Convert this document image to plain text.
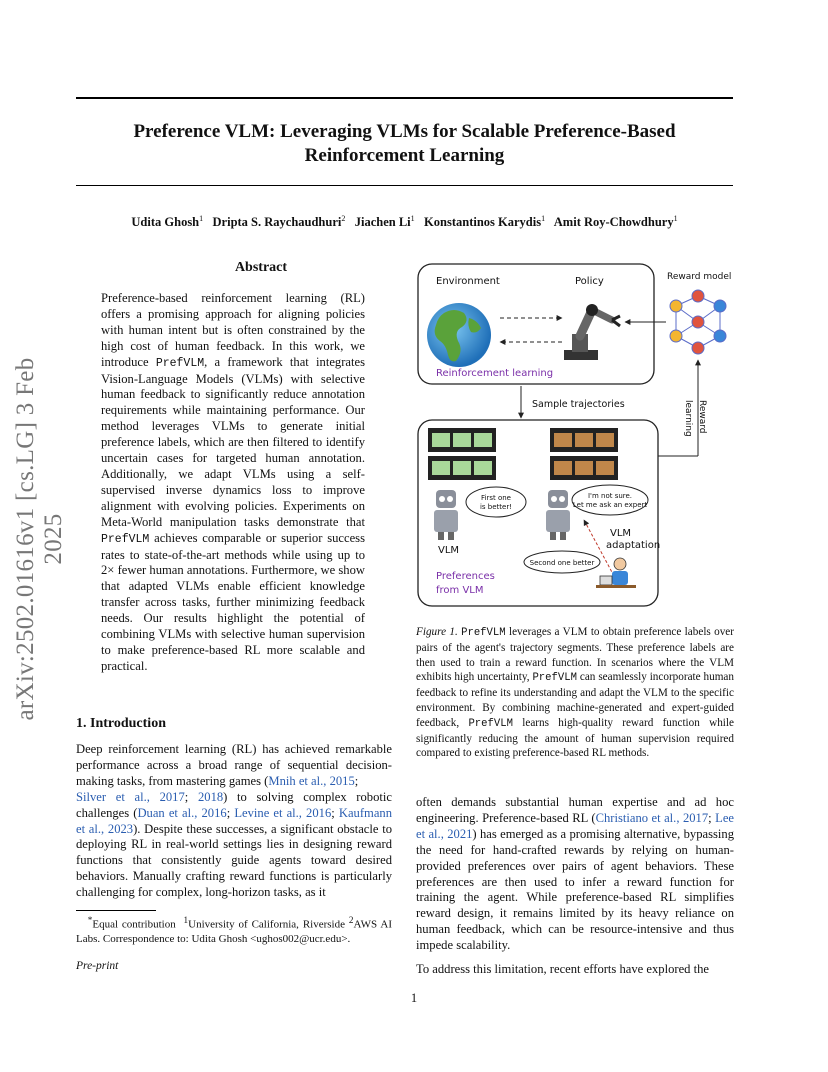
Preference VLM: Leveraging VLMs for Scalable Preference-Based Reinforcement Learning
Udita Ghosh$^1$ Dripta S. Raychaudhuri$^2$ Jiachen Li$^1$ Konstantinos Karydis$^1$ Amit Roy-Chowdhury$^1$
arXiv:2502.01616v1 [cs.LG] 3 Feb 2025
Abstract
Preference-based reinforcement learning (RL) offers a promising approach for aligning policies with human intent but is often constrained by the high cost of human feedback. In this work, we introduce PrefVLM, a framework that integrates Vision-Language Models (VLMs) with selective human feedback to significantly reduce annotation requirements while maintaining performance. Our method leverages VLMs to generate initial preference labels, which are then filtered to identify uncertain cases for targeted human annotation. Additionally, we adapt VLMs using a self-supervised inverse dynamics loss to improve alignment with evolving policies. Experiments on Meta-World manipulation tasks demonstrate that PrefVLM achieves comparable or superior success rates to state-of-the-art methods while using up to 2× fewer human annotations. Furthermore, we show that adapted VLMs enable efficient knowledge transfer across tasks, further minimizing feedback needs. Our results highlight the potential of combining VLMs with selective human supervision to make preference-based RL more scalable and practical.
1. Introduction
Deep reinforcement learning (RL) has achieved remarkable performance across a broad range of sequential decision-making tasks, from mastering games (Mnih et al., 2015;
Silver et al., 2017; 2018) to solving complex robotic challenges (Duan et al., 2016; Levine et al., 2016; Kaufmann et al., 2023). Despite these successes, a significant obstacle to deploying RL in real-world settings lies in designing reward functions that consistently guide agents toward desired behaviors. Manually crafting reward functions is particularly challenging for complex, long-horizon tasks, as it
*Equal contribution $^1$University of California, Riverside $^2$AWS AI Labs. Correspondence to: Udita Ghosh <ughos002@ucr.edu>.
Pre-print
1
Environment	Policy
Reinforcement learning
Reward model
Sample trajectories	Reward
learning
First one
is better!
VLM
I'm not sure.
Let me ask an expert
VLM
adaptation
Second one better
Preferences
from VLM
Figure 1. PrefVLM leverages a VLM to obtain preference labels over pairs of the agent's trajectory segments. These preference labels are then used to train a reward function. In scenarios where the VLM exhibits high uncertainty, PrefVLM can seamlessly incorporate human feedback to refine its understanding and adapt the VLM to the specific environment. By combining machine-generated and expert-guided feedback, PrefVLM learns high-quality reward function while significantly reducing the amount of human supervision required compared to existing preference-based RL methods.

often demands substantial human expertise and ad hoc engineering. Preference-based RL (Christiano et al., 2017; Lee et al., 2021) has emerged as a promising alternative, bypassing the need for hand-crafted rewards by relying on human-provided preferences over pairs of agent behaviors. These preferences are then used to infer a reward function for training the agent. While preference-based RL simplifies reward design, it remains limited by its heavy reliance on human feedback, which can be resource-intensive and thus impede scalability.

To address this limitation, recent efforts have explored the
